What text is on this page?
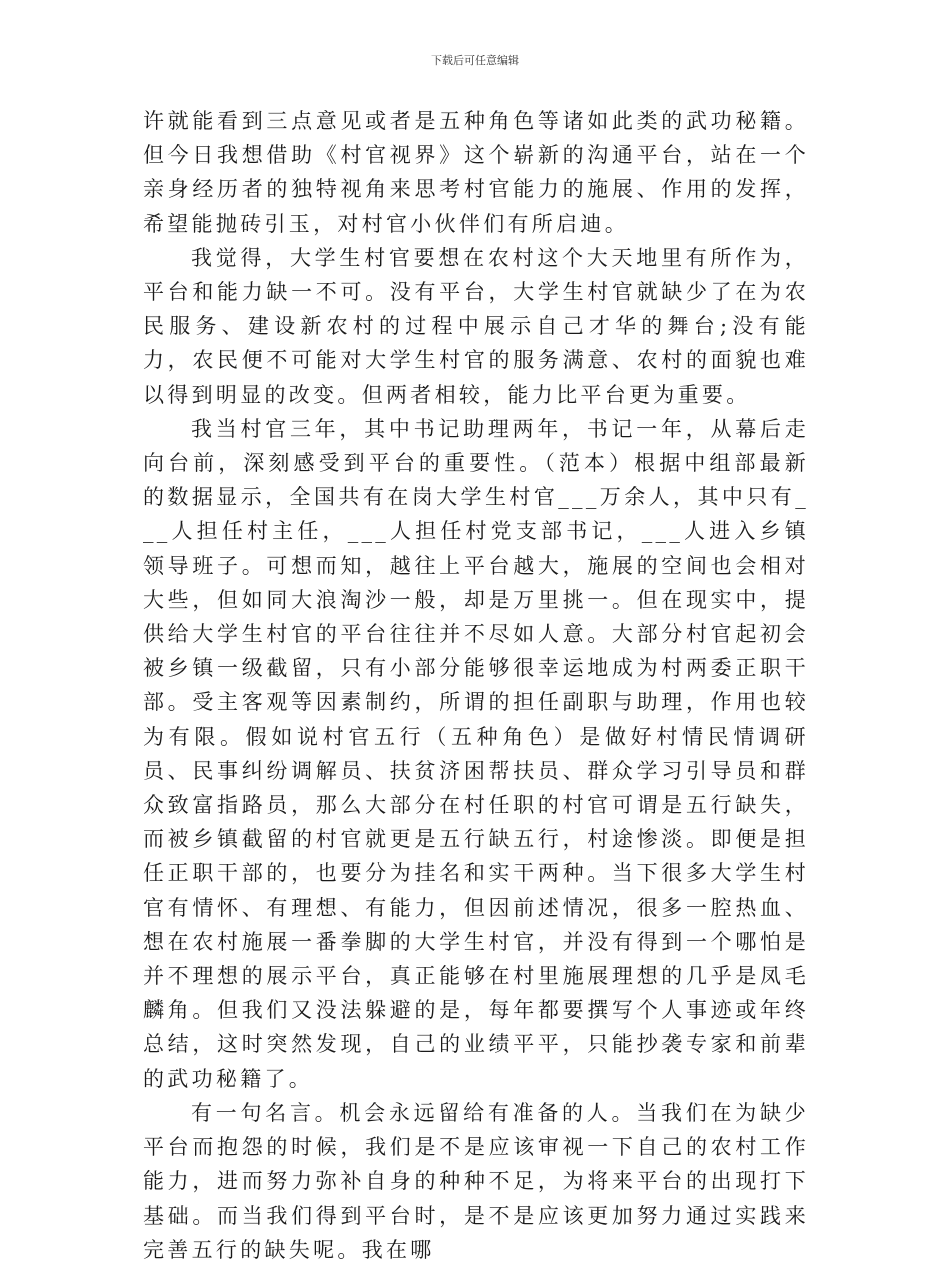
下载后可任意编辑

许就能看到三点意见或者是五种角色等诸如此类的武功秘籍。但今日我想借助《村官视界》这个崭新的沟通平台，站在一个亲身经历者的独特视角来思考村官能力的施展、作用的发挥，希望能抛砖引玉，对村官小伙伴们有所启迪。

我觉得，大学生村官要想在农村这个大天地里有所作为，平台和能力缺一不可。没有平台，大学生村官就缺少了在为农民服务、建设新农村的过程中展示自己才华的舞台;没有能力，农民便不可能对大学生村官的服务满意、农村的面貌也难以得到明显的改变。但两者相较，能力比平台更为重要。

我当村官三年，其中书记助理两年，书记一年，从幕后走向台前，深刻感受到平台的重要性。（范本）根据中组部最新的数据显示，全国共有在岗大学生村官___万余人，其中只有___人担任村主任，___人担任村党支部书记，___人进入乡镇领导班子。可想而知，越往上平台越大，施展的空间也会相对大些，但如同大浪淘沙一般，却是万里挑一。但在现实中，提供给大学生村官的平台往往并不尽如人意。大部分村官起初会被乡镇一级截留，只有小部分能够很幸运地成为村两委正职干部。受主客观等因素制约，所谓的担任副职与助理，作用也较为有限。假如说村官五行（五种角色）是做好村情民情调研员、民事纠纷调解员、扶贫济困帮扶员、群众学习引导员和群众致富指路员，那么大部分在村任职的村官可谓是五行缺失，而被乡镇截留的村官就更是五行缺五行，村途惨淡。即便是担任正职干部的，也要分为挂名和实干两种。当下很多大学生村官有情怀、有理想、有能力，但因前述情况，很多一腔热血、想在农村施展一番拳脚的大学生村官，并没有得到一个哪怕是并不理想的展示平台，真正能够在村里施展理想的几乎是凤毛麟角。但我们又没法躲避的是，每年都要撰写个人事迹或年终总结，这时突然发现，自己的业绩平平，只能抄袭专家和前辈的武功秘籍了。

有一句名言。机会永远留给有准备的人。当我们在为缺少平台而抱怨的时候，我们是不是应该审视一下自己的农村工作能力，进而努力弥补自身的种种不足，为将来平台的出现打下基础。而当我们得到平台时，是不是应该更加努力通过实践来完善五行的缺失呢。我在哪
